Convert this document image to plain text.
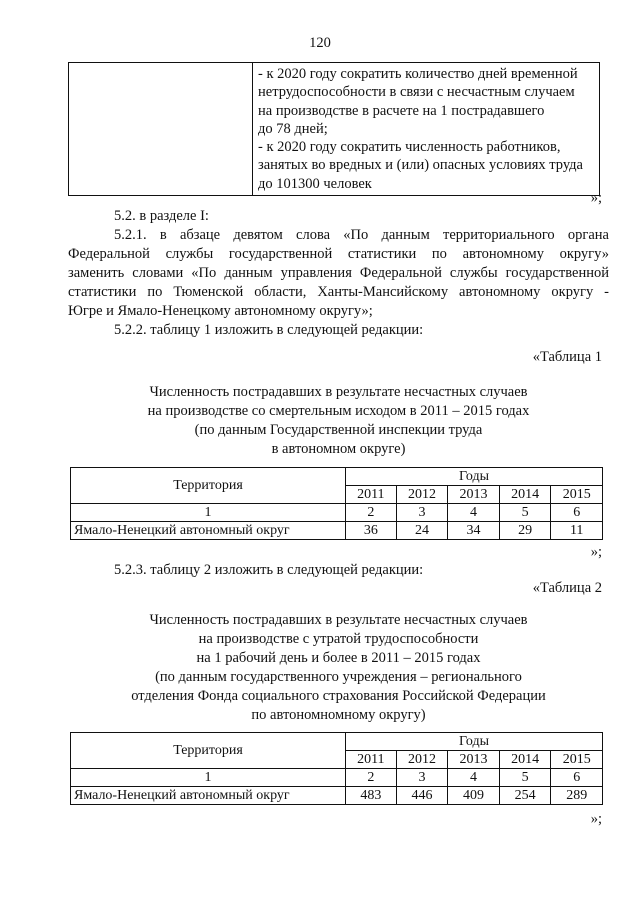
120

- к 2020 году сократить количество дней временной
нетрудоспособности в связи с несчастным случаем
на производстве в расчете на 1 пострадавшего
до 78 дней;
- к 2020 году сократить численность работников,
занятых во вредных и (или) опасных условиях труда
до 101300 человек
»;
5.2. в разделе I:
5.2.1. в абзаце девятом слова «По данным территориального органа
Федеральной службы государственной статистики по автономному округу»
заменить словами «По данным управления Федеральной службы государственной
статистики по Тюменской области, Ханты-Мансийскому автономному округу -
Югре и Ямало-Ненецкому автономному округу»;
5.2.2. таблицу 1 изложить в следующей редакции:
«Таблица 1
Численность пострадавших в результате несчастных случаев
на производстве со смертельным исходом в 2011 – 2015 годах
(по данным Государственной инспекции труда
в автономном округе)
Территория	Годы				
	2011	2012	2013	2014	2015
1	2	3	4	5	6
Ямало-Ненецкий автономный округ	36	24	34	29	11
»;
5.2.3. таблицу 2 изложить в следующей редакции:
«Таблица 2
Численность пострадавших в результате несчастных случаев
на производстве с утратой трудоспособности
на 1 рабочий день и более в 2011 – 2015 годах
(по данным государственного учреждения – регионального
отделения Фонда социального страхования Российской Федерации
по автономномному округу)
Территория	Годы				
	2011	2012	2013	2014	2015
1	2	3	4	5	6
Ямало-Ненецкий автономный округ	483	446	409	254	289
»;
